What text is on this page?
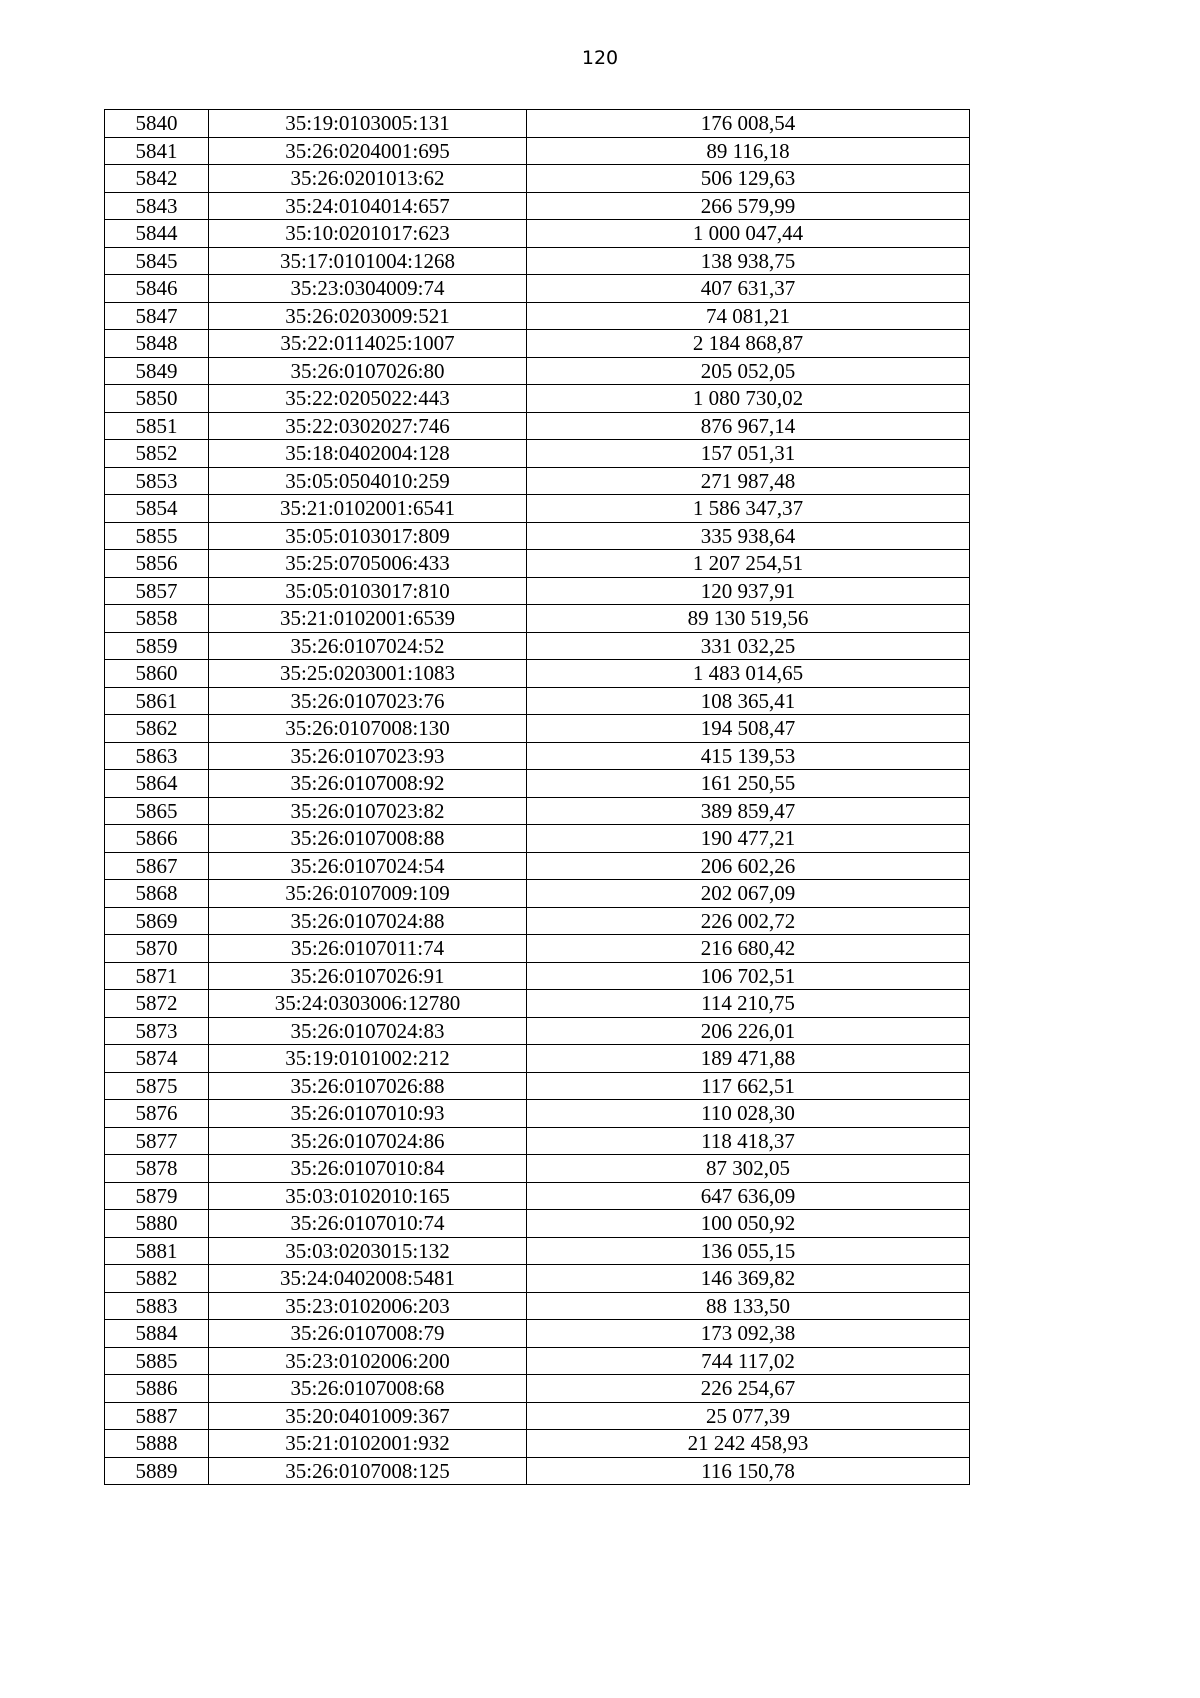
120
5840	35:19:0103005:131	176 008,54
5841	35:26:0204001:695	89 116,18
5842	35:26:0201013:62	506 129,63
5843	35:24:0104014:657	266 579,99
5844	35:10:0201017:623	1 000 047,44
5845	35:17:0101004:1268	138 938,75
5846	35:23:0304009:74	407 631,37
5847	35:26:0203009:521	74 081,21
5848	35:22:0114025:1007	2 184 868,87
5849	35:26:0107026:80	205 052,05
5850	35:22:0205022:443	1 080 730,02
5851	35:22:0302027:746	876 967,14
5852	35:18:0402004:128	157 051,31
5853	35:05:0504010:259	271 987,48
5854	35:21:0102001:6541	1 586 347,37
5855	35:05:0103017:809	335 938,64
5856	35:25:0705006:433	1 207 254,51
5857	35:05:0103017:810	120 937,91
5858	35:21:0102001:6539	89 130 519,56
5859	35:26:0107024:52	331 032,25
5860	35:25:0203001:1083	1 483 014,65
5861	35:26:0107023:76	108 365,41
5862	35:26:0107008:130	194 508,47
5863	35:26:0107023:93	415 139,53
5864	35:26:0107008:92	161 250,55
5865	35:26:0107023:82	389 859,47
5866	35:26:0107008:88	190 477,21
5867	35:26:0107024:54	206 602,26
5868	35:26:0107009:109	202 067,09
5869	35:26:0107024:88	226 002,72
5870	35:26:0107011:74	216 680,42
5871	35:26:0107026:91	106 702,51
5872	35:24:0303006:12780	114 210,75
5873	35:26:0107024:83	206 226,01
5874	35:19:0101002:212	189 471,88
5875	35:26:0107026:88	117 662,51
5876	35:26:0107010:93	110 028,30
5877	35:26:0107024:86	118 418,37
5878	35:26:0107010:84	87 302,05
5879	35:03:0102010:165	647 636,09
5880	35:26:0107010:74	100 050,92
5881	35:03:0203015:132	136 055,15
5882	35:24:0402008:5481	146 369,82
5883	35:23:0102006:203	88 133,50
5884	35:26:0107008:79	173 092,38
5885	35:23:0102006:200	744 117,02
5886	35:26:0107008:68	226 254,67
5887	35:20:0401009:367	25 077,39
5888	35:21:0102001:932	21 242 458,93
5889	35:26:0107008:125	116 150,78
